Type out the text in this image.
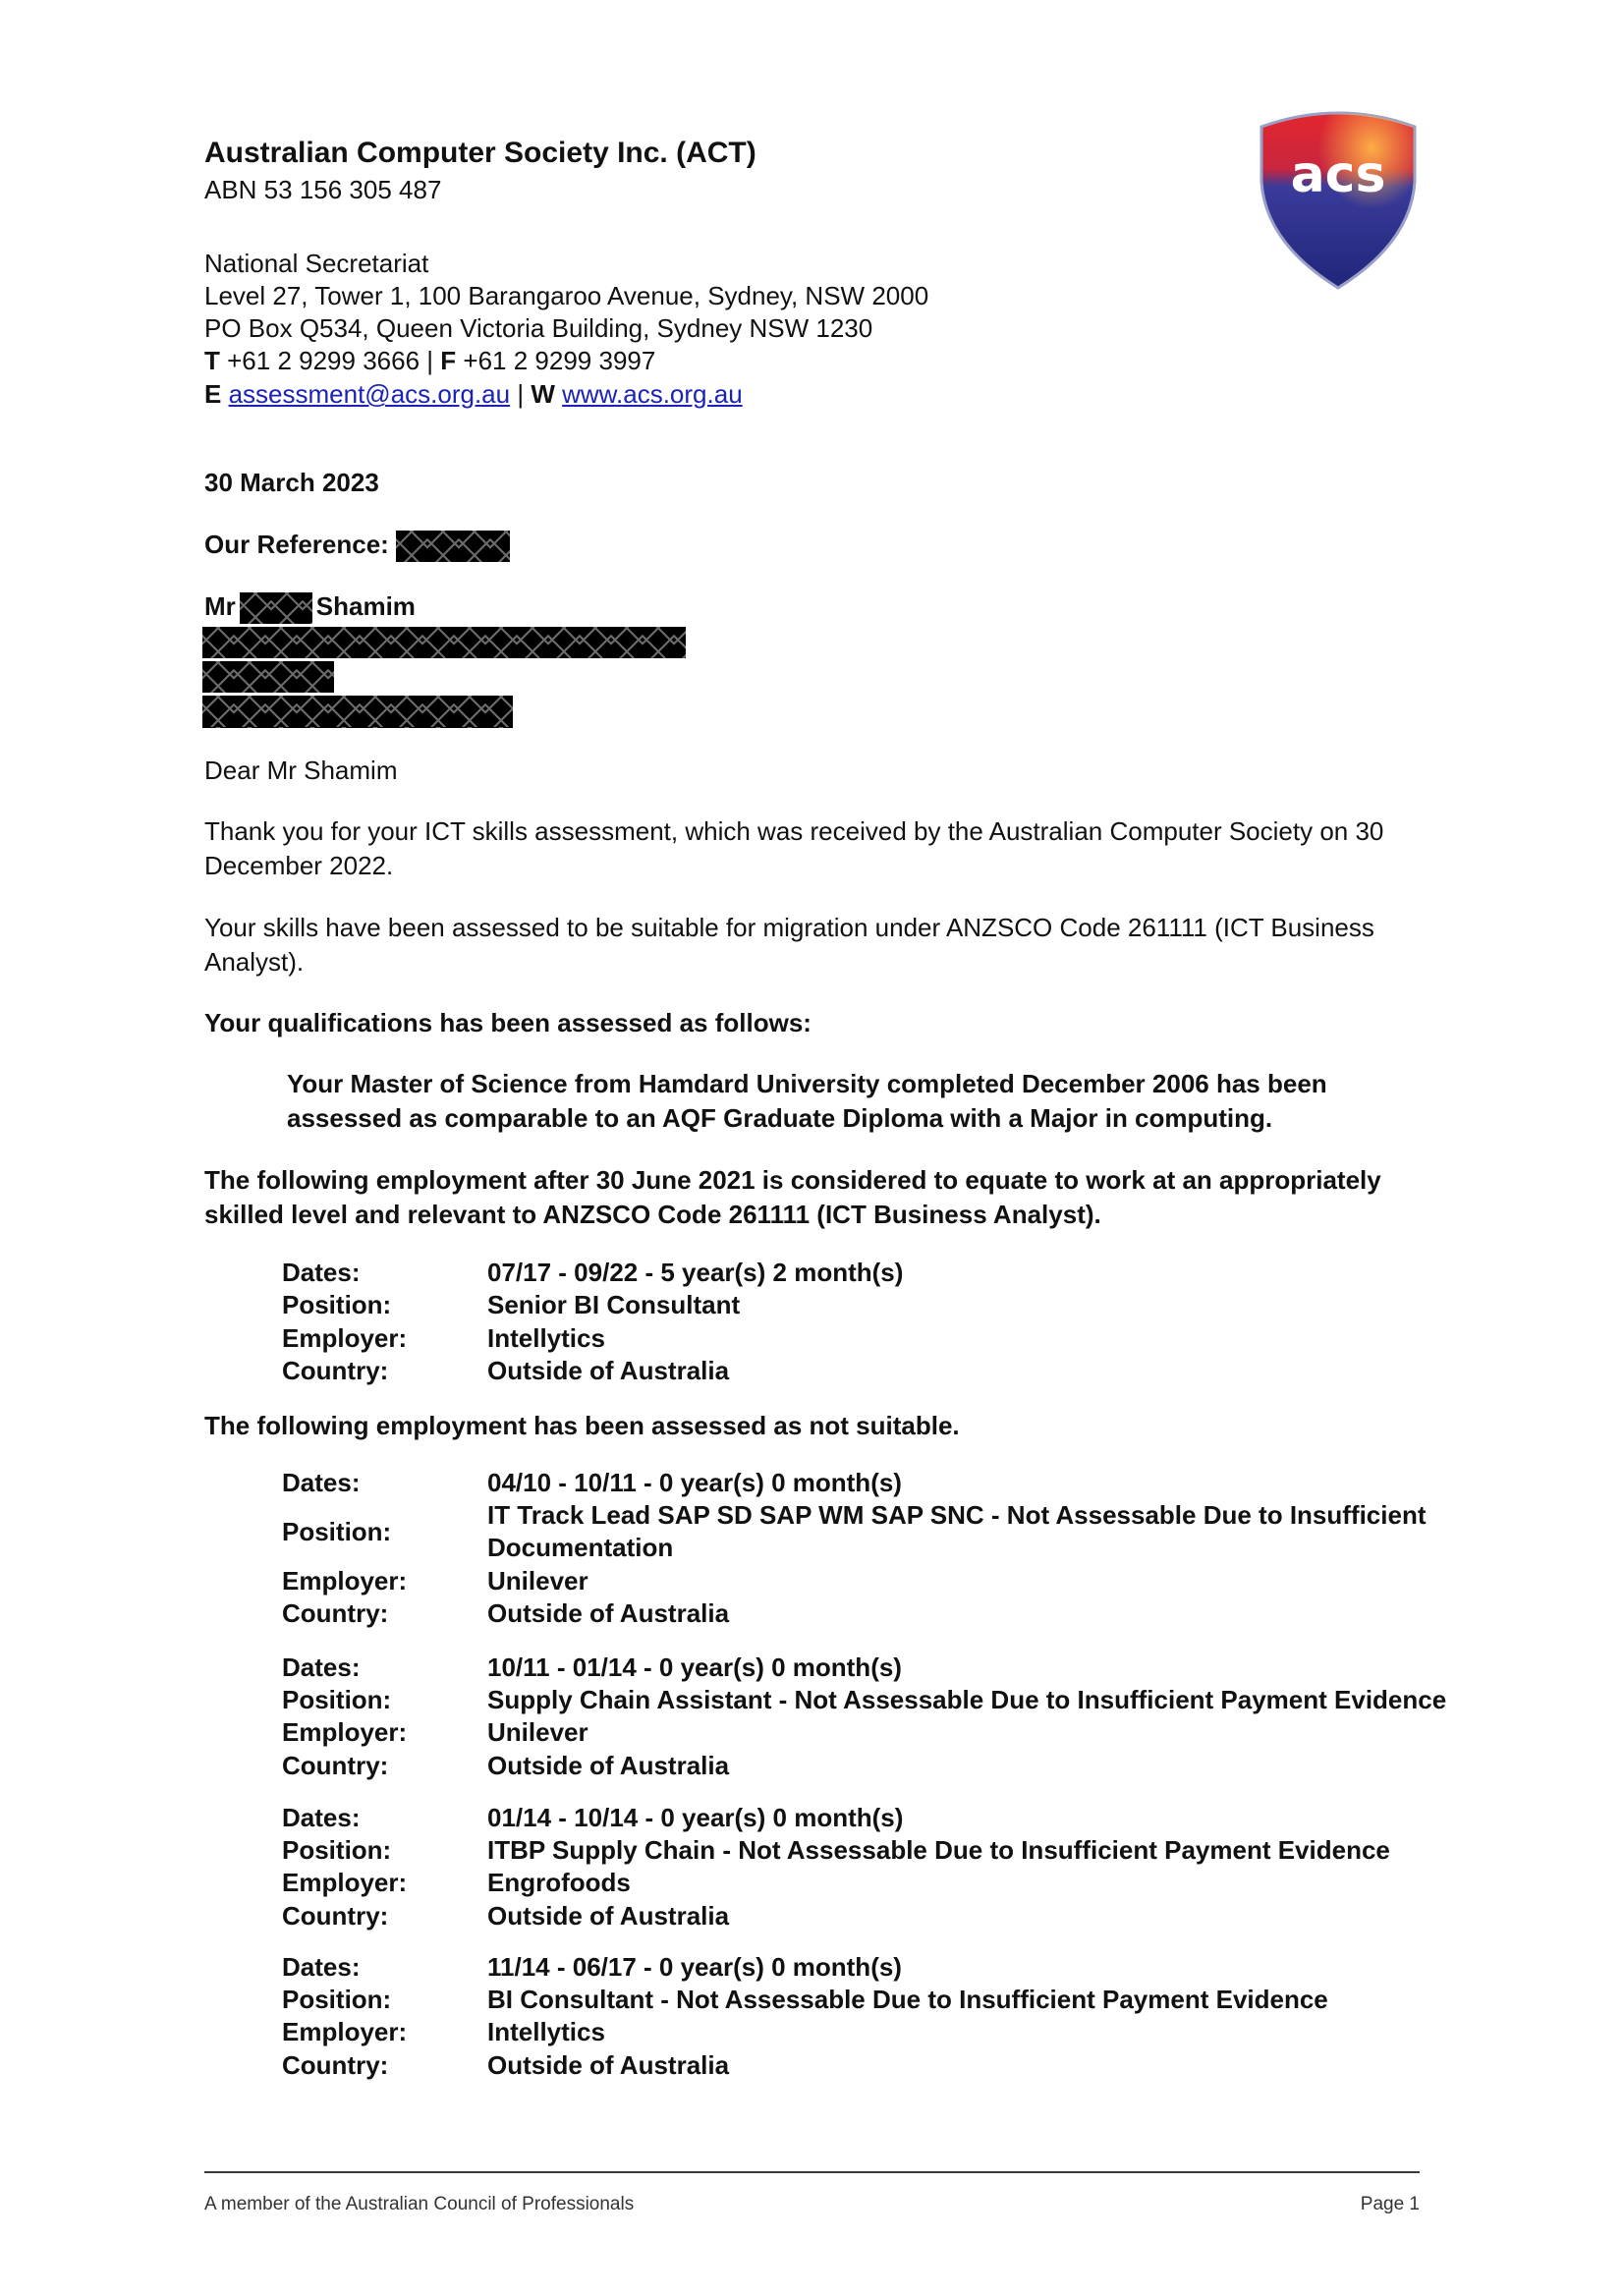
Australian Computer Society Inc. (ACT)
ABN 53 156 305 487
National Secretariat
Level 27, Tower 1, 100 Barangaroo Avenue, Sydney, NSW 2000
PO Box Q534, Queen Victoria Building, Sydney NSW 1230
T +61 2 9299 3666 | F +61 2 9299 3997
E assessment@acs.org.au | W www.acs.org.au
acs
30 March 2023
Our Reference:
Mr	Shamim
Dear Mr Shamim
Thank you for your ICT skills assessment, which was received by the Australian Computer Society on 30 December 2022.
Your skills have been assessed to be suitable for migration under ANZSCO Code 261111 (ICT Business Analyst).
Your qualifications has been assessed as follows:
Your Master of Science from Hamdard University completed December 2006 has been assessed as comparable to an AQF Graduate Diploma with a Major in computing.
The following employment after 30 June 2021 is considered to equate to work at an appropriately skilled level and relevant to ANZSCO Code 261111 (ICT Business Analyst).
Dates:	07/17 - 09/22 - 5 year(s) 2 month(s)
Position:	Senior BI Consultant
Employer:	Intellytics
Country:	Outside of Australia
The following employment has been assessed as not suitable.
Dates:	04/10 - 10/11 - 0 year(s) 0 month(s)
Position:
IT Track Lead SAP SD SAP WM SAP SNC - Not Assessable Due to Insufficient
Documentation
Employer:	Unilever
Country:	Outside of Australia
Dates:	10/11 - 01/14 - 0 year(s) 0 month(s)
Position:	Supply Chain Assistant - Not Assessable Due to Insufficient Payment Evidence
Employer:	Unilever
Country:	Outside of Australia
Dates:	01/14 - 10/14 - 0 year(s) 0 month(s)
Position:	ITBP Supply Chain - Not Assessable Due to Insufficient Payment Evidence
Employer:	Engrofoods
Country:	Outside of Australia
Dates:	11/14 - 06/17 - 0 year(s) 0 month(s)
Position:	BI Consultant - Not Assessable Due to Insufficient Payment Evidence
Employer:	Intellytics
Country:	Outside of Australia
A member of the Australian Council of Professionals	Page 1
